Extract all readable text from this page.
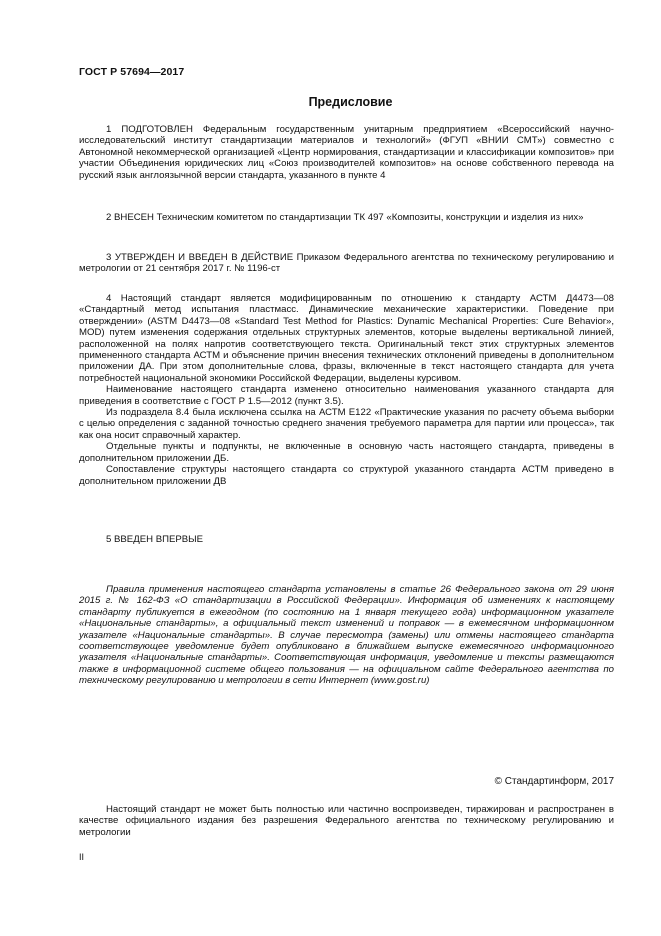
ГОСТ Р 57694—2017
Предисловие

1 ПОДГОТОВЛЕН Федеральным государственным унитарным предприятием «Всероссийский научно-исследовательский институт стандартизации материалов и технологий» (ФГУП «ВНИИ СМТ») совместно с Автономной некоммерческой организацией «Центр нормирования, стандартизации и классификации композитов» при участии Объединения юридических лиц «Союз производителей композитов» на основе собственного перевода на русский язык англоязычной версии стандарта, указанного в пункте 4

2 ВНЕСЕН Техническим комитетом по стандартизации ТК 497 «Композиты, конструкции и изделия из них»

3 УТВЕРЖДЕН И ВВЕДЕН В ДЕЙСТВИЕ Приказом Федерального агентства по техническому регулированию и метрологии от 21 сентября 2017 г. № 1196-ст

4 Настоящий стандарт является модифицированным по отношению к стандарту АСТМ Д4473—08 «Стандартный метод испытания пластмасс. Динамические механические характеристики. Поведение при отверждении» (ASTM D4473—08 «Standard Test Method for Plastics: Dynamic Mechanical Properties: Cure Behavior», MOD) путем изменения содержания отдельных структурных элементов, которые выделены вертикальной линией, расположенной на полях напротив соответствующего текста. Оригинальный текст этих структурных элементов примененного стандарта АСТМ и объяснение причин внесения технических отклонений приведены в дополнительном приложении ДА. При этом дополнительные слова, фразы, включенные в текст настоящего стандарта для учета потребностей национальной экономики Российской Федерации, выделены курсивом.

Наименование настоящего стандарта изменено относительно наименования указанного стандарта для приведения в соответствие с ГОСТ Р 1.5—2012 (пункт 3.5).

Из подраздела 8.4 была исключена ссылка на АСТМ Е122 «Практические указания по расчету объема выборки с целью определения с заданной точностью среднего значения требуемого параметра для партии или процесса», так как она носит справочный характер.

Отдельные пункты и подпункты, не включенные в основную часть настоящего стандарта, приведены в дополнительном приложении ДБ.

Сопоставление структуры настоящего стандарта со структурой указанного стандарта АСТМ приведено в дополнительном приложении ДВ

5 ВВЕДЕН ВПЕРВЫЕ

Правила применения настоящего стандарта установлены в статье 26 Федерального закона от 29 июня 2015 г. № 162-ФЗ «О стандартизации в Российской Федерации». Информация об изменениях к настоящему стандарту публикуется в ежегодном (по состоянию на 1 января текущего года) информационном указателе «Национальные стандарты», а официальный текст изменений и поправок — в ежемесячном информационном указателе «Национальные стандарты». В случае пересмотра (замены) или отмены настоящего стандарта соответствующее уведомление будет опубликовано в ближайшем выпуске ежемесячного информационного указателя «Национальные стандарты». Соответствующая информация, уведомление и тексты размещаются также в информационной системе общего пользования — на официальном сайте Федерального агентства по техническому регулированию и метрологии в сети Интернет (www.gost.ru)

© Стандартинформ, 2017

Настоящий стандарт не может быть полностью или частично воспроизведен, тиражирован и распространен в качестве официального издания без разрешения Федерального агентства по техническому регулированию и метрологии

II
